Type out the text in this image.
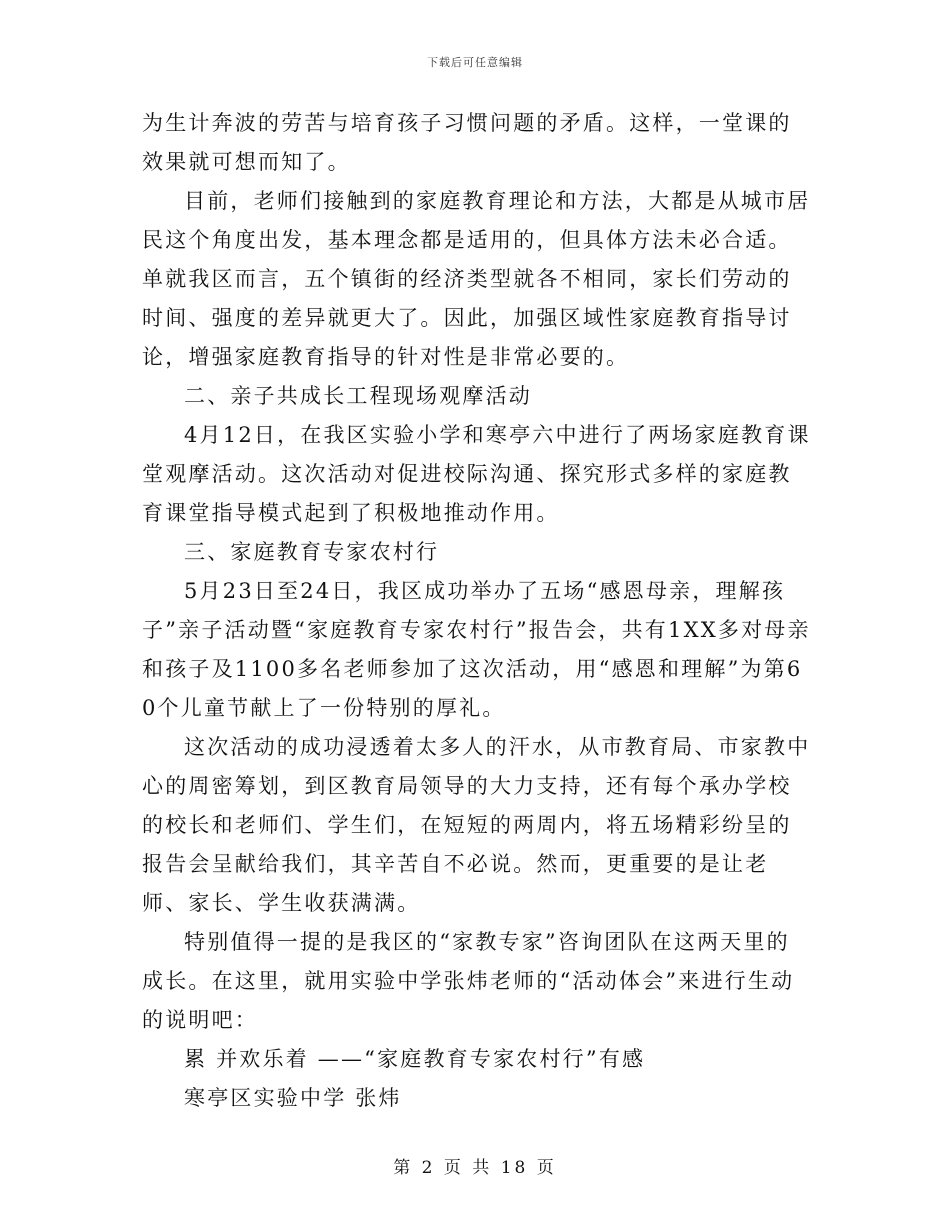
下载后可任意编辑

为生计奔波的劳苦与培育孩子习惯问题的矛盾。这样，一堂课的效果就可想而知了。

目前，老师们接触到的家庭教育理论和方法，大都是从城市居民这个角度出发，基本理念都是适用的，但具体方法未必合适。单就我区而言，五个镇街的经济类型就各不相同，家长们劳动的时间、强度的差异就更大了。因此，加强区域性家庭教育指导讨论，增强家庭教育指导的针对性是非常必要的。

二、亲子共成长工程现场观摩活动

4月12日，在我区实验小学和寒亭六中进行了两场家庭教育课堂观摩活动。这次活动对促进校际沟通、探究形式多样的家庭教育课堂指导模式起到了积极地推动作用。

三、家庭教育专家农村行

5月23日至24日，我区成功举办了五场“感恩母亲，理解孩子”亲子活动暨“家庭教育专家农村行”报告会，共有1XX多对母亲和孩子及1100多名老师参加了这次活动，用“感恩和理解”为第60个儿童节献上了一份特别的厚礼。

这次活动的成功浸透着太多人的汗水，从市教育局、市家教中心的周密筹划，到区教育局领导的大力支持，还有每个承办学校的校长和老师们、学生们，在短短的两周内，将五场精彩纷呈的报告会呈献给我们，其辛苦自不必说。然而，更重要的是让老师、家长、学生收获满满。

特别值得一提的是我区的“家教专家”咨询团队在这两天里的成长。在这里，就用实验中学张炜老师的“活动体会”来进行生动的说明吧：

累 并欢乐着 ——“家庭教育专家农村行”有感

寒亭区实验中学 张炜

第 2 页 共 18 页
